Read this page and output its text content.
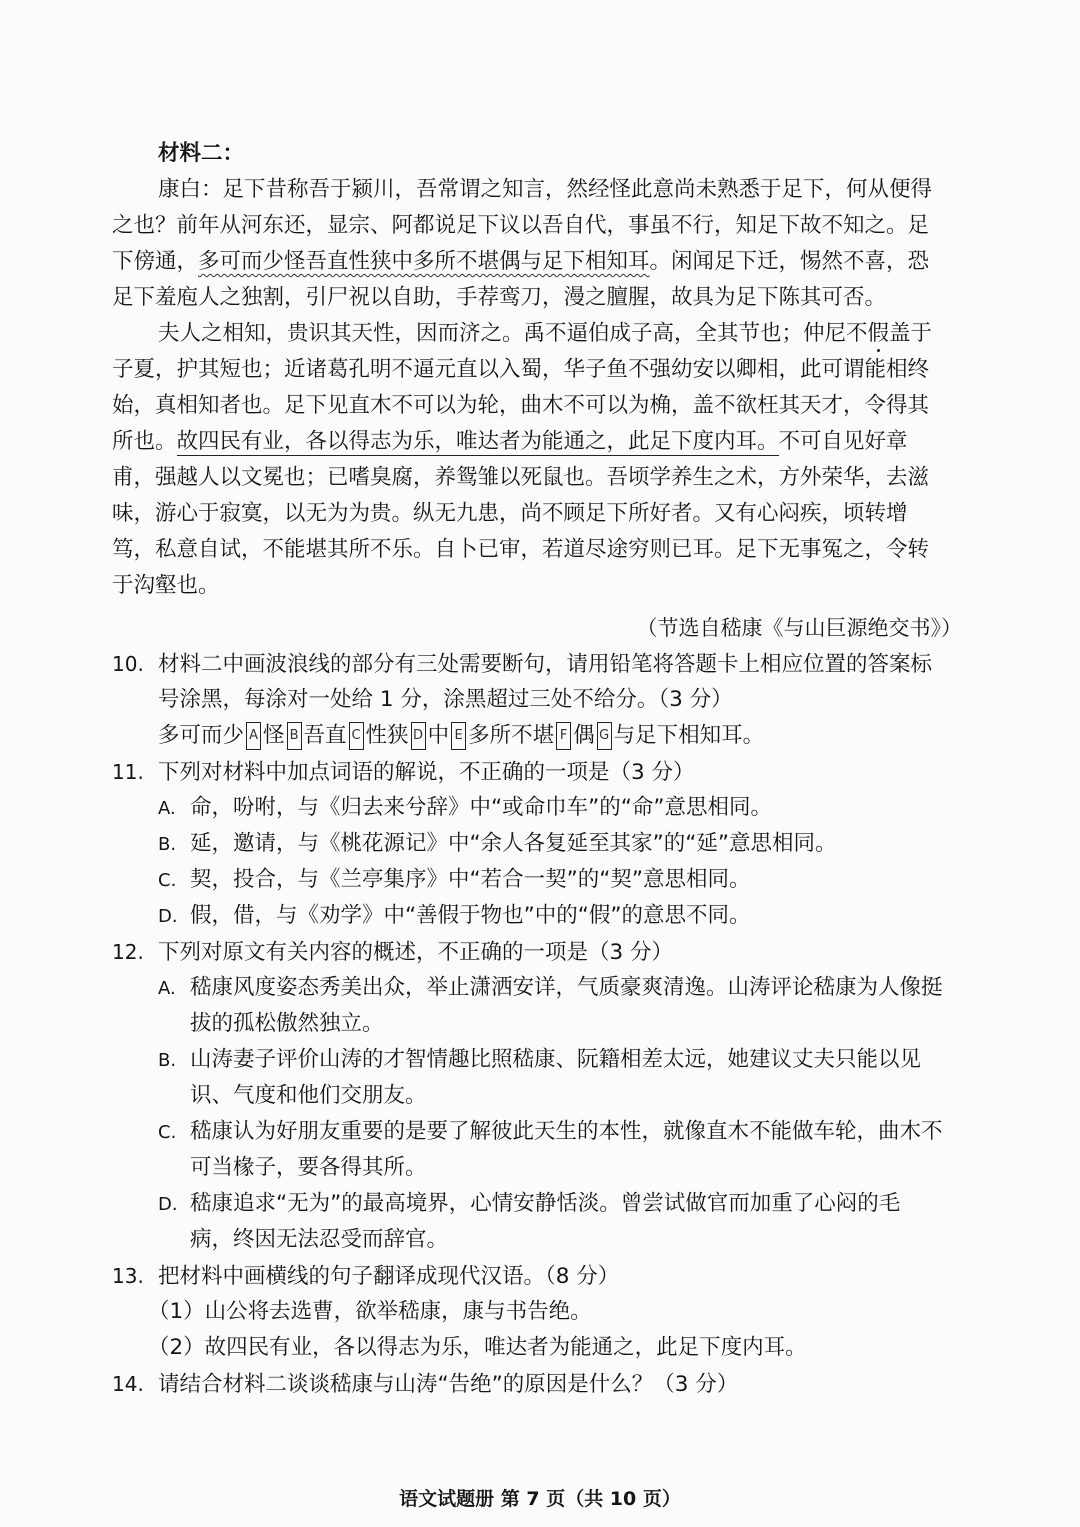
材料二：
康白：足下昔称吾于颍川，吾常谓之知言，然经怪此意尚未熟悉于足下，何从便得
之也？前年从河东还，显宗、阿都说足下议以吾自代，事虽不行，知足下故不知之。足
下傍通，多可而少怪吾直性狭中多所不堪偶与足下相知耳。闲闻足下迁，惕然不喜，恐
足下羞庖人之独割，引尸祝以自助，手荐鸾刀，漫之膻腥，故具为足下陈其可否。
夫人之相知，贵识其天性，因而济之。禹不逼伯成子高，全其节也；仲尼不假盖于
子夏，护其短也；近诸葛孔明不逼元直以入蜀，华子鱼不强幼安以卿相，此可谓能相终
始，真相知者也。足下见直木不可以为轮，曲木不可以为桷，盖不欲枉其天才，令得其
所也。故四民有业，各以得志为乐，唯达者为能通之，此足下度内耳。不可自见好章
甫，强越人以文冕也；已嗜臭腐，养鸳雏以死鼠也。吾顷学养生之术，方外荣华，去滋
味，游心于寂寞，以无为为贵。纵无九患，尚不顾足下所好者。又有心闷疾，顷转增
笃，私意自试，不能堪其所不乐。自卜已审，若道尽途穷则已耳。足下无事冤之，令转
于沟壑也。
（节选自嵇康《与山巨源绝交书》）
10. 材料二中画波浪线的部分有三处需要断句，请用铅笔将答题卡上相应位置的答案标
号涂黑，每涂对一处给 1 分，涂黑超过三处不给分。（3 分）
多可而少 A 怪 B 吾直 C 性狭 D 中 E 多所不堪 F 偶 G 与足下相知耳。
11. 下列对材料中加点词语的解说，不正确的一项是（3 分）
A. 命，吩咐，与《归去来兮辞》中“或命巾车”的“命”意思相同。
B. 延，邀请，与《桃花源记》中“余人各复延至其家”的“延”意思相同。
C. 契，投合，与《兰亭集序》中“若合一契”的“契”意思相同。
D. 假，借，与《劝学》中“善假于物也”中的“假”的意思不同。
12. 下列对原文有关内容的概述，不正确的一项是（3 分）
A. 嵇康风度姿态秀美出众，举止潇洒安详，气质豪爽清逸。山涛评论嵇康为人像挺
拔的孤松傲然独立。
B. 山涛妻子评价山涛的才智情趣比照嵇康、阮籍相差太远，她建议丈夫只能以见
识、气度和他们交朋友。
C. 嵇康认为好朋友重要的是要了解彼此天生的本性，就像直木不能做车轮，曲木不
可当椽子，要各得其所。
D. 嵇康追求“无为”的最高境界，心情安静恬淡。曾尝试做官而加重了心闷的毛
病，终因无法忍受而辞官。
13. 把材料中画横线的句子翻译成现代汉语。（8 分）
（1）山公将去选曹，欲举嵇康，康与书告绝。
（2）故四民有业，各以得志为乐，唯达者为能通之，此足下度内耳。
14. 请结合材料二谈谈嵇康与山涛“告绝”的原因是什么？（3 分）
语文试题册 第 7 页（共 10 页）
